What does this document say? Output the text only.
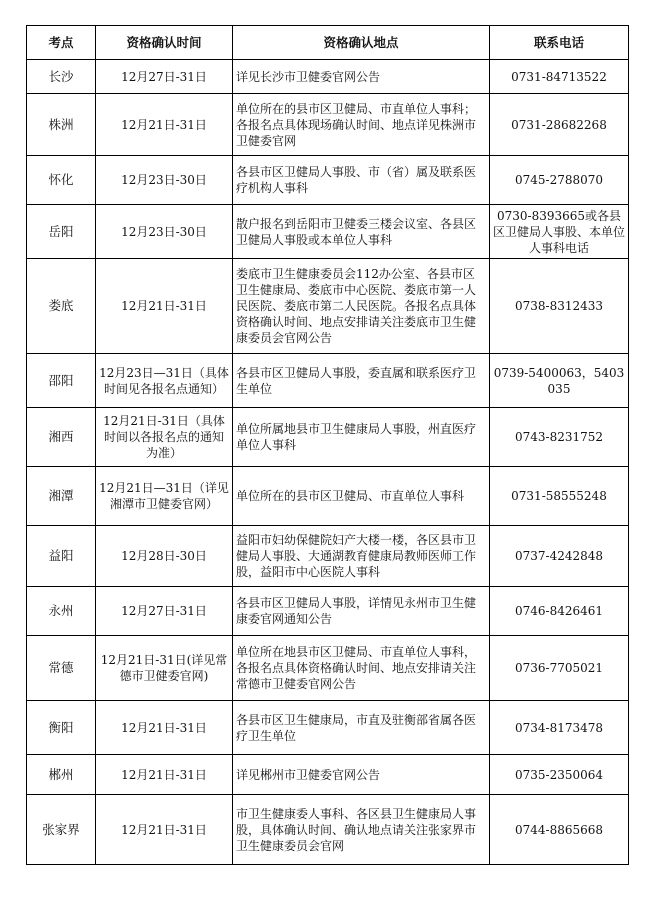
考点	资格确认时间	资格确认地点	联系电话
长沙	12月27日-31日	详见长沙市卫健委官网公告	0731-84713522
株洲	12月21日-31日	单位所在的县市区卫健局、市直单位人事科；各报名点具体现场确认时间、地点详见株洲市卫健委官网	0731-28682268
怀化	12月23日-30日	各县市区卫健局人事股、市（省）属及联系医疗机构人事科	0745-2788070
岳阳	12月23日-30日	散户报名到岳阳市卫健委三楼会议室、各县区卫健局人事股或本单位人事科	0730-8393665或各县区卫健局人事股、本单位人事科电话
娄底	12月21日-31日	娄底市卫生健康委员会112办公室、各县市区卫生健康局、娄底市中心医院、娄底市第一人民医院、娄底市第二人民医院。各报名点具体资格确认时间、地点安排请关注娄底市卫生健康委员会官网公告	0738-8312433
邵阳	12月23日—31日（具体时间见各报名点通知）	各县市区卫健局人事股，委直属和联系医疗卫生单位	0739-5400063，5403035
湘西	12月21日-31日（具体时间以各报名点的通知为准）	单位所属地县市卫生健康局人事股，州直医疗单位人事科	0743-8231752
湘潭	12月21日—31日（详见湘潭市卫健委官网）	单位所在的县市区卫健局、市直单位人事科	0731-58555248
益阳	12月28日-30日	益阳市妇幼保健院妇产大楼一楼，各区县市卫健局人事股、大通湖教育健康局教师医师工作股，益阳市中心医院人事科	0737-4242848
永州	12月27日-31日	各县市区卫健局人事股，详情见永州市卫生健康委官网通知公告	0746-8426461
常德	12月21日-31日(详见常德市卫健委官网)	单位所在地县市区卫健局、市直单位人事科，各报名点具体资格确认时间、地点安排请关注常德市卫健委官网公告	0736-7705021
衡阳	12月21日-31日	各县市区卫生健康局，市直及驻衡部省属各医疗卫生单位	0734-8173478
郴州	12月21日-31日	详见郴州市卫健委官网公告	0735-2350064
张家界	12月21日-31日	市卫生健康委人事科、各区县卫生健康局人事股，具体确认时间、确认地点请关注张家界市卫生健康委员会官网	0744-8865668
